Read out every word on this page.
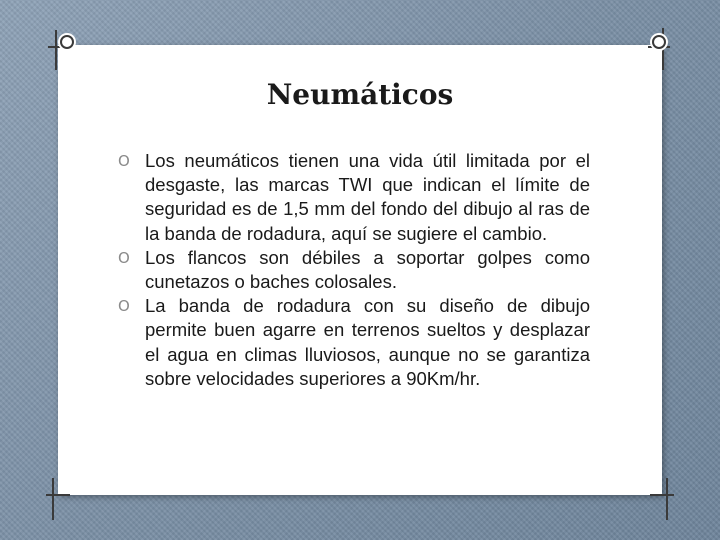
Neumáticos
O Los neumáticos tienen una vida útil limitada por el desgaste, las marcas TWI que indican el límite de seguridad es de 1,5 mm del fondo del dibujo al ras de la banda de rodadura, aquí se sugiere el cambio.
O Los flancos son débiles a soportar golpes como cunetazos o baches colosales.
O La banda de rodadura con su diseño de dibujo permite buen agarre en terrenos sueltos y desplazar el agua en climas lluviosos, aunque no se garantiza sobre velocidades superiores a 90Km/hr.
